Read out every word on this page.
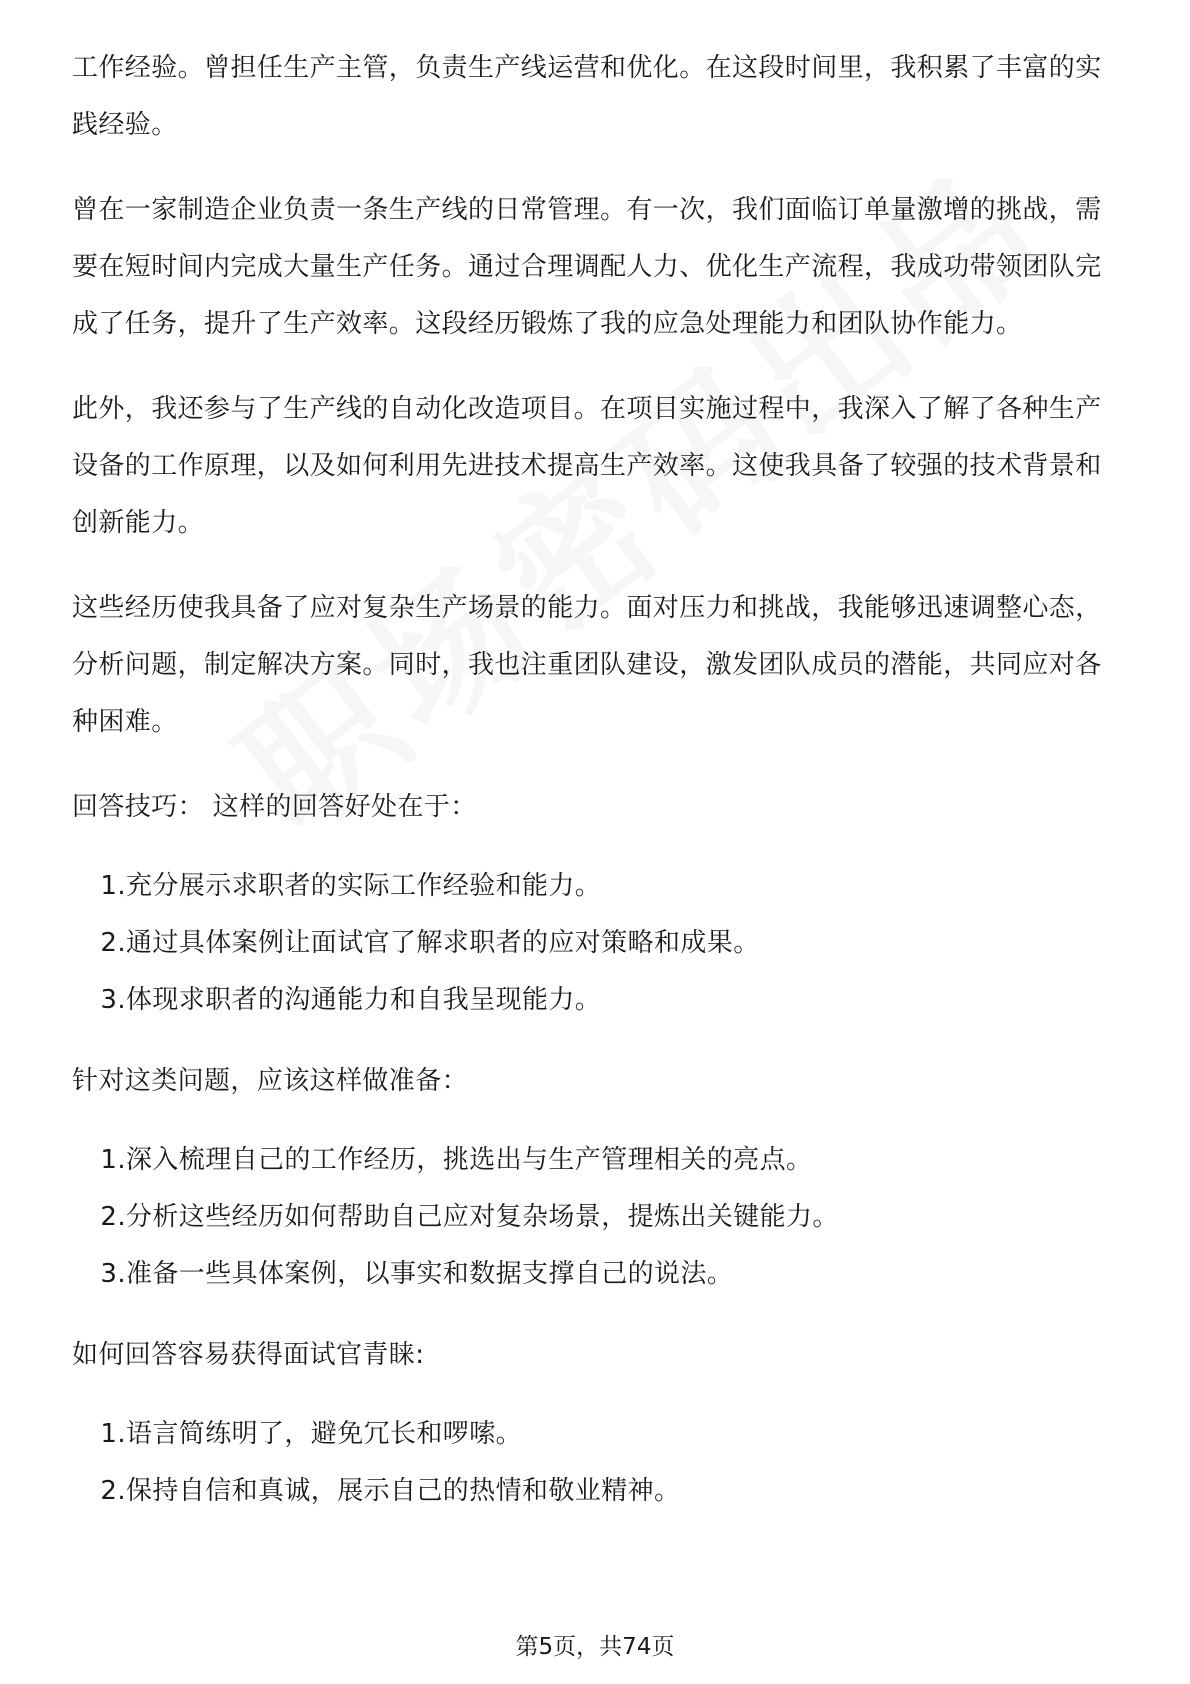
工作经验。曾担任生产主管，负责生产线运营和优化。在这段时间里，我积累了丰富的实践经验。

曾在一家制造企业负责一条生产线的日常管理。有一次，我们面临订单量激增的挑战，需要在短时间内完成大量生产任务。通过合理调配人力、优化生产流程，我成功带领团队完成了任务，提升了生产效率。这段经历锻炼了我的应急处理能力和团队协作能力。

此外，我还参与了生产线的自动化改造项目。在项目实施过程中，我深入了解了各种生产设备的工作原理，以及如何利用先进技术提高生产效率。这使我具备了较强的技术背景和创新能力。

这些经历使我具备了应对复杂生产场景的能力。面对压力和挑战，我能够迅速调整心态，分析问题，制定解决方案。同时，我也注重团队建设，激发团队成员的潜能，共同应对各种困难。

回答技巧： 这样的回答好处在于：

1. 充分展示求职者的实际工作经验和能力。
2. 通过具体案例让面试官了解求职者的应对策略和成果。
3. 体现求职者的沟通能力和自我呈现能力。

针对这类问题，应该这样做准备：

1. 深入梳理自己的工作经历，挑选出与生产管理相关的亮点。
2. 分析这些经历如何帮助自己应对复杂场景，提炼出关键能力。
3. 准备一些具体案例，以事实和数据支撑自己的说法。

如何回答容易获得面试官青睐:

1. 语言简练明了，避免冗长和啰嗦。
2. 保持自信和真诚，展示自己的热情和敬业精神。
第5页，共74页
